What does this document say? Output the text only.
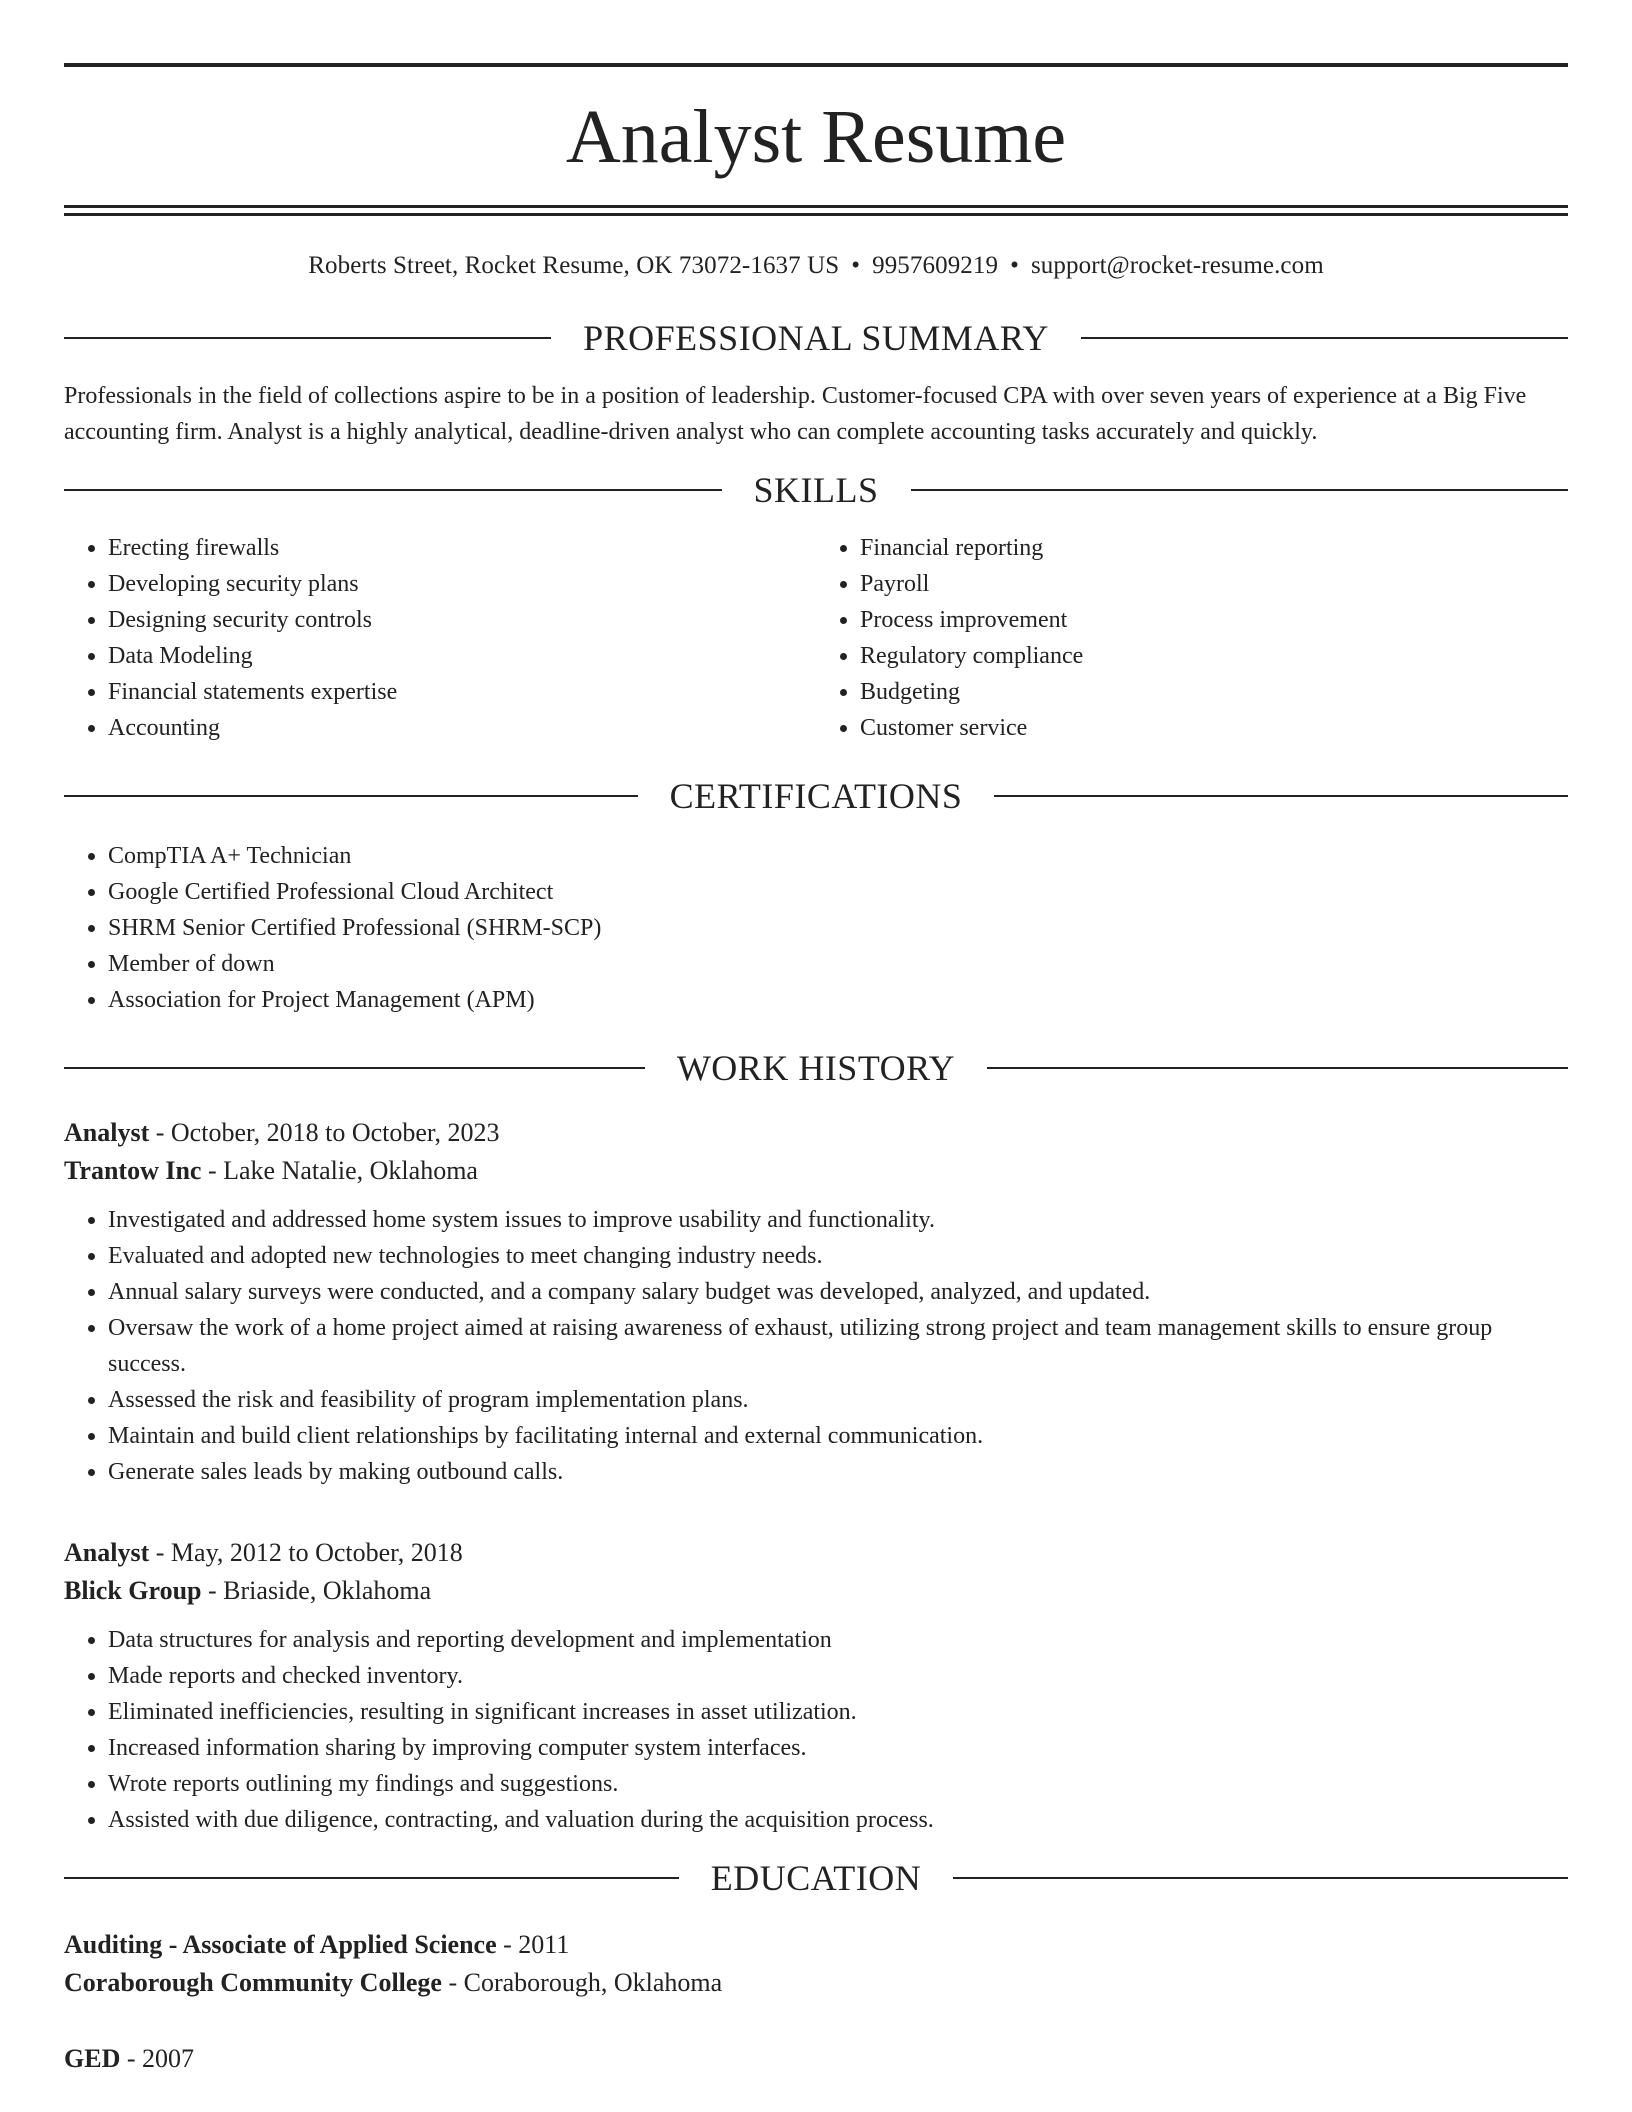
Analyst Resume
Roberts Street, Rocket Resume, OK 73072-1637 US • 9957609219 • support@rocket-resume.com
PROFESSIONAL SUMMARY
Professionals in the field of collections aspire to be in a position of leadership. Customer-focused CPA with over seven years of experience at a Big Five accounting firm. Analyst is a highly analytical, deadline-driven analyst who can complete accounting tasks accurately and quickly.
SKILLS
• Erecting firewalls
• Developing security plans
• Designing security controls
• Data Modeling
• Financial statements expertise
• Accounting
• Financial reporting
• Payroll
• Process improvement
• Regulatory compliance
• Budgeting
• Customer service
CERTIFICATIONS
• CompTIA A+ Technician
• Google Certified Professional Cloud Architect
• SHRM Senior Certified Professional (SHRM-SCP)
• Member of down
• Association for Project Management (APM)
WORK HISTORY
Analyst - October, 2018 to October, 2023
Trantow Inc - Lake Natalie, Oklahoma
• Investigated and addressed home system issues to improve usability and functionality.
• Evaluated and adopted new technologies to meet changing industry needs.
• Annual salary surveys were conducted, and a company salary budget was developed, analyzed, and updated.
• Oversaw the work of a home project aimed at raising awareness of exhaust, utilizing strong project and team management skills to ensure group success.
• Assessed the risk and feasibility of program implementation plans.
• Maintain and build client relationships by facilitating internal and external communication.
• Generate sales leads by making outbound calls.
Analyst - May, 2012 to October, 2018
Blick Group - Briaside, Oklahoma
• Data structures for analysis and reporting development and implementation
• Made reports and checked inventory.
• Eliminated inefficiencies, resulting in significant increases in asset utilization.
• Increased information sharing by improving computer system interfaces.
• Wrote reports outlining my findings and suggestions.
• Assisted with due diligence, contracting, and valuation during the acquisition process.
EDUCATION
Auditing - Associate of Applied Science - 2011
Coraborough Community College - Coraborough, Oklahoma
GED - 2007
